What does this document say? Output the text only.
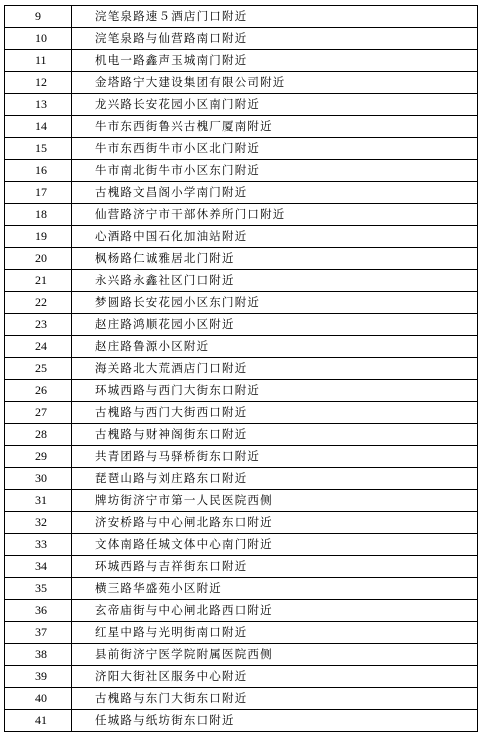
9	浣笔泉路速５酒店门口附近
10	浣笔泉路与仙营路南口附近
11	机电一路鑫声玉城南门附近
12	金塔路宁大建设集团有限公司附近
13	龙兴路长安花园小区南门附近
14	牛市东西街鲁兴古槐厂厦南附近
15	牛市东西街牛市小区北门附近
16	牛市南北街牛市小区东门附近
17	古槐路文昌阁小学南门附近
18	仙营路济宁市干部休养所门口附近
19	心酒路中国石化加油站附近
20	枫杨路仁诚雅居北门附近
21	永兴路永鑫社区门口附近
22	梦圆路长安花园小区东门附近
23	赵庄路鸿顺花园小区附近
24	赵庄路鲁源小区附近
25	海关路北大荒酒店门口附近
26	环城西路与西门大街东口附近
27	古槐路与西门大街西口附近
28	古槐路与财神阁街东口附近
29	共青团路与马驿桥街东口附近
30	琵琶山路与刘庄路东口附近
31	牌坊街济宁市第一人民医院西侧
32	济安桥路与中心闸北路东口附近
33	文体南路任城文体中心南门附近
34	环城西路与吉祥街东口附近
35	横三路华盛苑小区附近
36	玄帝庙街与中心闸北路西口附近
37	红星中路与光明街南口附近
38	县前街济宁医学院附属医院西侧
39	济阳大街社区服务中心附近
40	古槐路与东门大街东口附近
41	任城路与纸坊街东口附近
